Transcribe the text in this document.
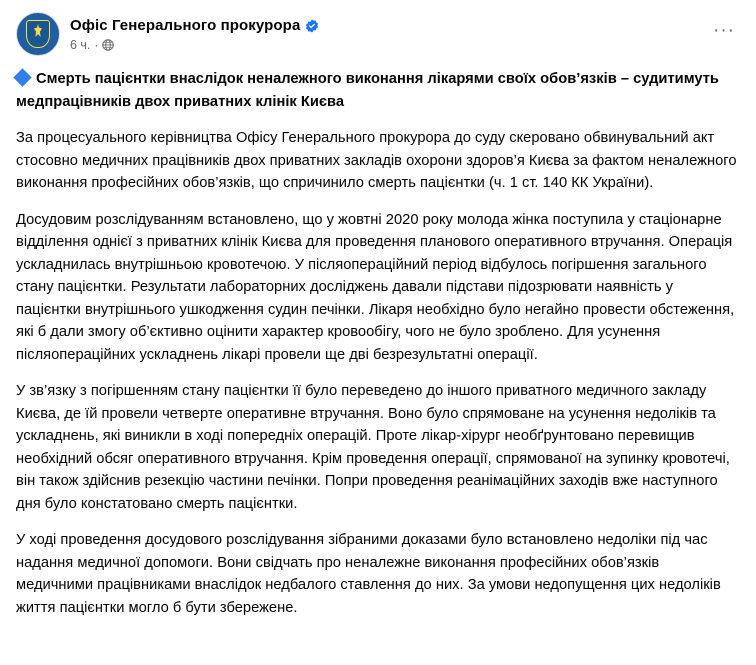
Офіс Генерального прокурора
6 ч. ·
···

Смерть пацієнтки внаслідок неналежного виконання лікарями своїх обов’язків – судитимуть медпрацівників двох приватних клінік Києва

За процесуального керівництва Офісу Генерального прокурора до суду скеровано обвинувальний акт стосовно медичних працівників двох приватних закладів охорони здоров’я Києва за фактом неналежного виконання професійних обов’язків, що спричинило смерть пацієнтки (ч. 1 ст. 140 КК України).

Досудовим розслідуванням встановлено, що у жовтні 2020 року молода жінка поступила у стаціонарне відділення однієї з приватних клінік Києва для проведення планового оперативного втручання. Операція ускладнилась внутрішньою кровотечою. У післяопераційний період відбулось погіршення загального стану пацієнтки. Результати лабораторних досліджень давали підстави підозрювати наявність у пацієнтки внутрішнього ушкодження судин печінки. Лікаря необхідно було негайно провести обстеження, які б дали змогу об’єктивно оцінити характер кровообігу, чого не було зроблено. Для усунення післяопераційних ускладнень лікарі провели ще дві безрезультатні операції.

У зв’язку з погіршенням стану пацієнтки її було переведено до іншого приватного медичного закладу Києва, де їй провели четверте оперативне втручання. Воно було спрямоване на усунення недоліків та ускладнень, які виникли в ході попередніх операцій. Проте лікар-хірург необґрунтовано перевищив необхідний обсяг оперативного втручання. Крім проведення операції, спрямованої на зупинку кровотечі, він також здійснив резекцію частини печінки. Попри проведення реанімаційних заходів вже наступного дня було констатовано смерть пацієнтки.

У ході проведення досудового розслідування зібраними доказами було встановлено недоліки під час надання медичної допомоги. Вони свідчать про неналежне виконання професійних обов’язків медичними працівниками внаслідок недбалого ставлення до них. За умови недопущення цих недоліків життя пацієнтки могло б бути збережене.
